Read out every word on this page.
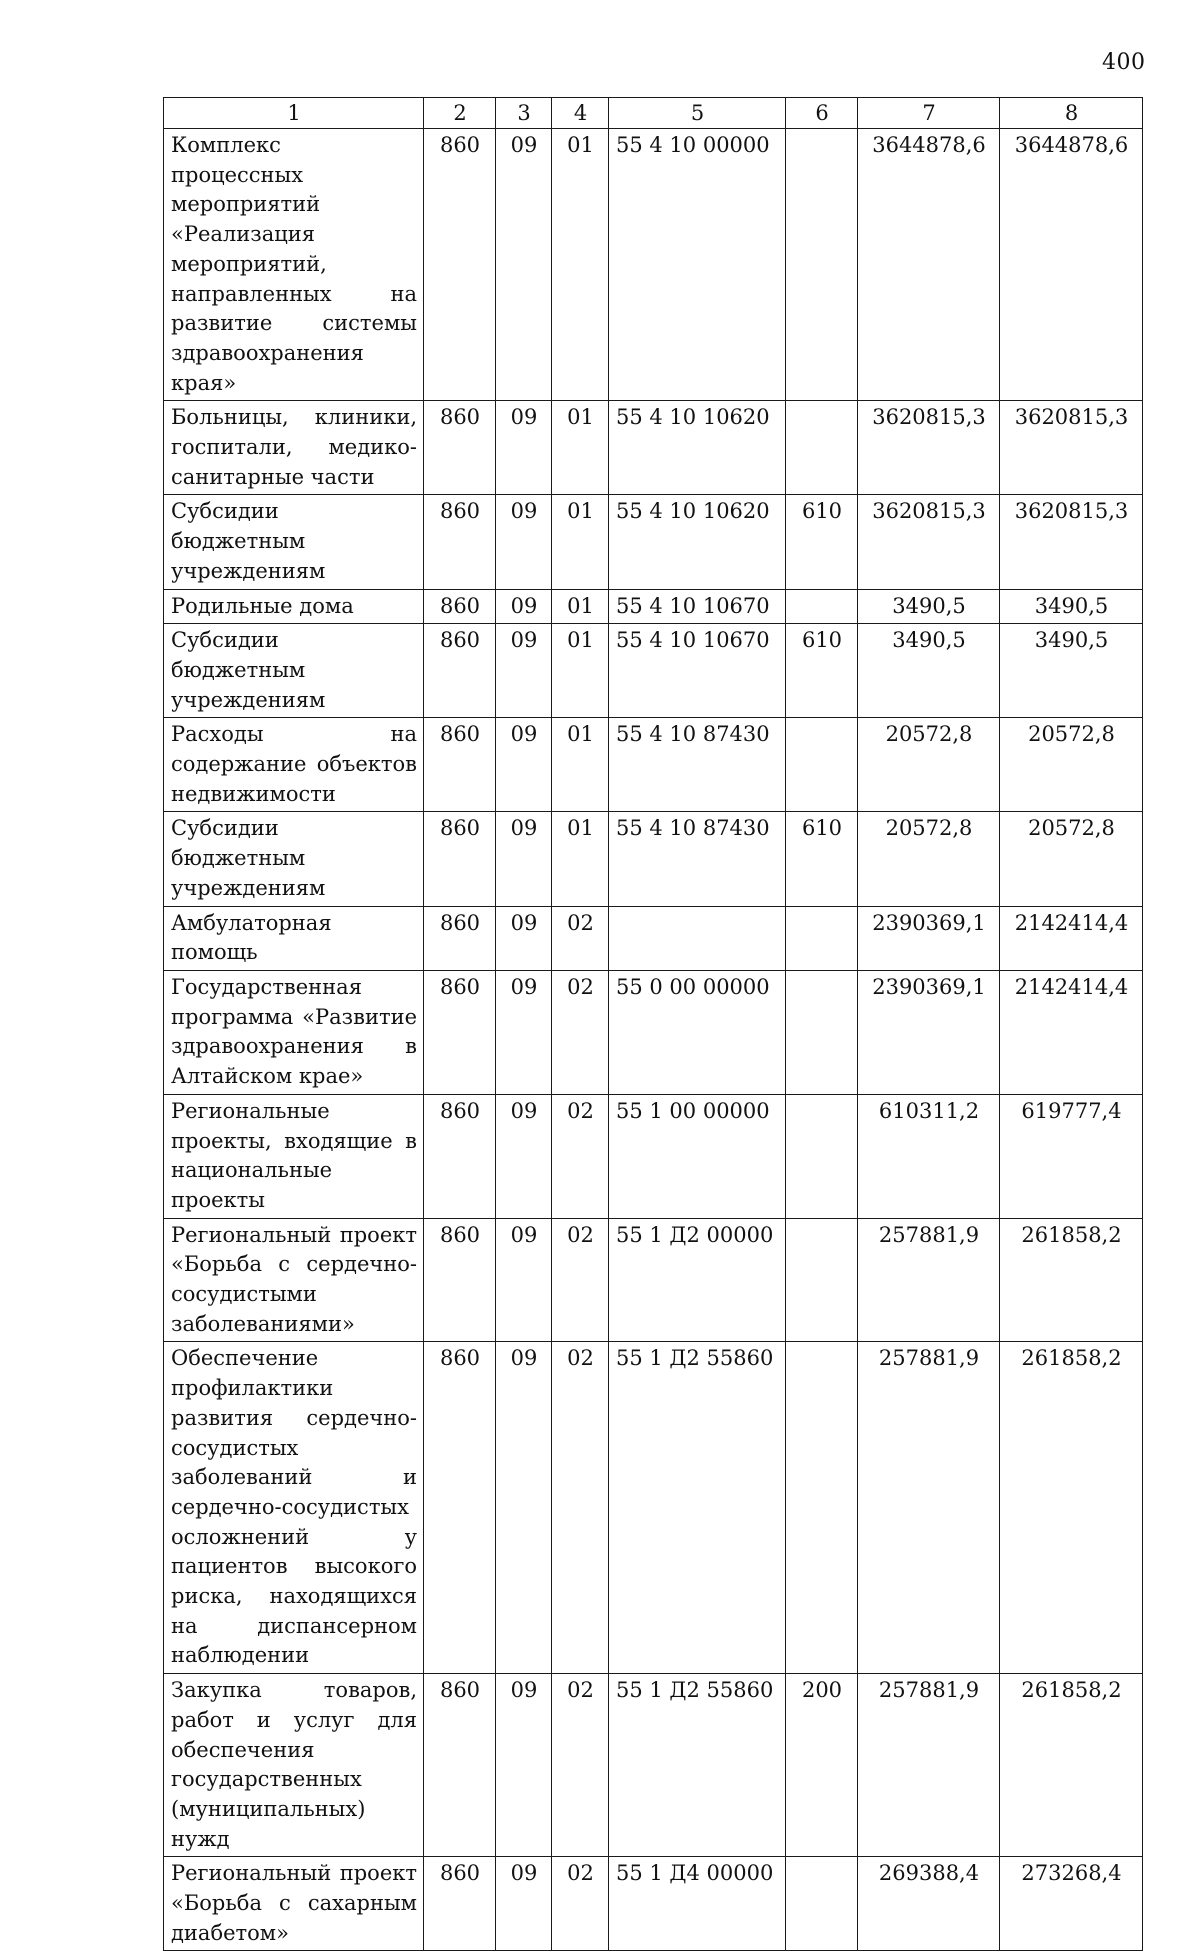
400
1	2	3	4	5	6	7	8
Комплекс процессных мероприятий «Реализация мероприятий, направленных на развитие системы здравоохранения края»	860	09	01	55 4 10 00000		3644878,6	3644878,6
Больницы, клиники, госпитали, медико-санитарные части	860	09	01	55 4 10 10620		3620815,3	3620815,3
Субсидии бюджетным учреждениям	860	09	01	55 4 10 10620	610	3620815,3	3620815,3
Родильные дома	860	09	01	55 4 10 10670		3490,5	3490,5
Субсидии бюджетным учреждениям	860	09	01	55 4 10 10670	610	3490,5	3490,5
Расходы на содержание объектов недвижимости	860	09	01	55 4 10 87430		20572,8	20572,8
Субсидии бюджетным учреждениям	860	09	01	55 4 10 87430	610	20572,8	20572,8
Амбулаторная помощь	860	09	02			2390369,1	2142414,4
Государственная программа «Развитие здравоохранения в Алтайском крае»	860	09	02	55 0 00 00000		2390369,1	2142414,4
Региональные проекты, входящие в национальные проекты	860	09	02	55 1 00 00000		610311,2	619777,4
Региональный проект «Борьба с сердечно-сосудистыми заболеваниями»	860	09	02	55 1 Д2 00000		257881,9	261858,2
Обеспечение профилактики развития сердечно-сосудистых заболеваний и сердечно-сосудистых осложнений у пациентов высокого риска, находящихся на диспансерном наблюдении	860	09	02	55 1 Д2 55860		257881,9	261858,2
Закупка товаров, работ и услуг для обеспечения государственных (муниципальных) нужд	860	09	02	55 1 Д2 55860	200	257881,9	261858,2
Региональный проект «Борьба с сахарным диабетом»	860	09	02	55 1 Д4 00000		269388,4	273268,4
